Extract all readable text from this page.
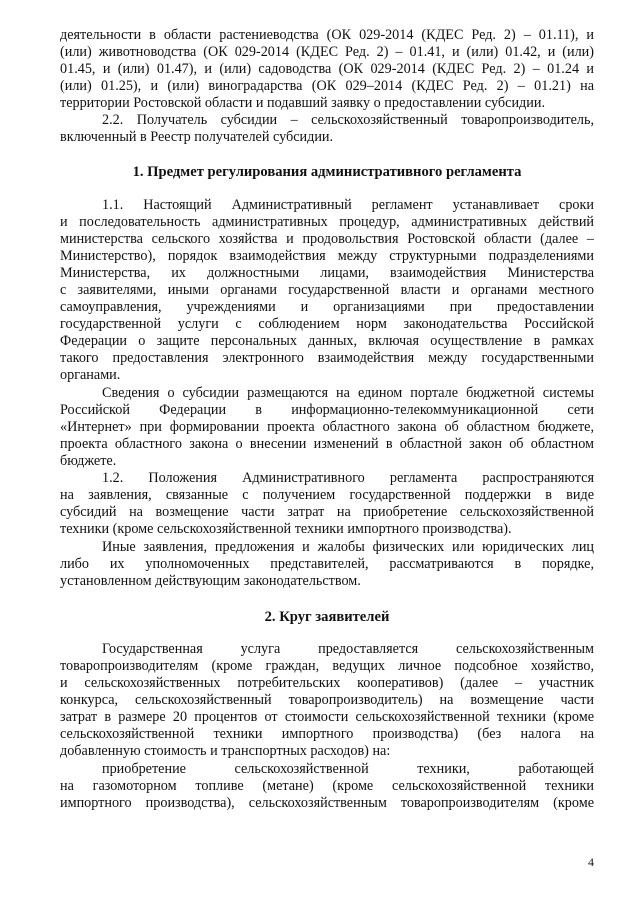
деятельности в области растениеводства (ОК 029-2014 (КДЕС Ред. 2) – 01.11), и
(или) животноводства (ОК 029-2014 (КДЕС Ред. 2) – 01.41, и (или) 01.42, и (или)
01.45, и (или) 01.47), и (или) садоводства (ОК 029-2014 (КДЕС Ред. 2) – 01.24 и
(или) 01.25), и (или) виноградарства (ОК 029–2014 (КДЕС Ред. 2) – 01.21) на
территории Ростовской области и подавший заявку о предоставлении субсидии.
2.2. Получатель субсидии – сельскохозяйственный товаропроизводитель,
включенный в Реестр получателей субсидии.
1. Предмет регулирования административного регламента
1.1. Настоящий Административный регламент устанавливает сроки
и последовательность административных процедур, административных действий
министерства сельского хозяйства и продовольствия Ростовской области (далее –
Министерство), порядок взаимодействия между структурными подразделениями
Министерства, их должностными лицами, взаимодействия Министерства
с заявителями, иными органами государственной власти и органами местного
самоуправления, учреждениями и организациями при предоставлении
государственной услуги с соблюдением норм законодательства Российской
Федерации о защите персональных данных, включая осуществление в рамках
такого предоставления электронного взаимодействия между государственными
органами.
Сведения о субсидии размещаются на едином портале бюджетной системы
Российской Федерации в информационно-телекоммуникационной сети
«Интернет» при формировании проекта областного закона об областном бюджете,
проекта областного закона о внесении изменений в областной закон об областном
бюджете.
1.2. Положения Административного регламента распространяются
на заявления, связанные с получением государственной поддержки в виде
субсидий на возмещение части затрат на приобретение сельскохозяйственной
техники (кроме сельскохозяйственной техники импортного производства).
Иные заявления, предложения и жалобы физических или юридических лиц
либо их уполномоченных представителей, рассматриваются в порядке,
установленном действующим законодательством.
2. Круг заявителей
Государственная услуга предоставляется сельскохозяйственным
товаропроизводителям (кроме граждан, ведущих личное подсобное хозяйство,
и сельскохозяйственных потребительских кооперативов) (далее – участник
конкурса, сельскохозяйственный товаропроизводитель) на возмещение части
затрат в размере 20 процентов от стоимости сельскохозяйственной техники (кроме
сельскохозяйственной техники импортного производства) (без налога на
добавленную стоимость и транспортных расходов) на:
приобретение сельскохозяйственной техники, работающей
на газомоторном топливе (метане) (кроме сельскохозяйственной техники
импортного производства), сельскохозяйственным товаропроизводителям (кроме
4
